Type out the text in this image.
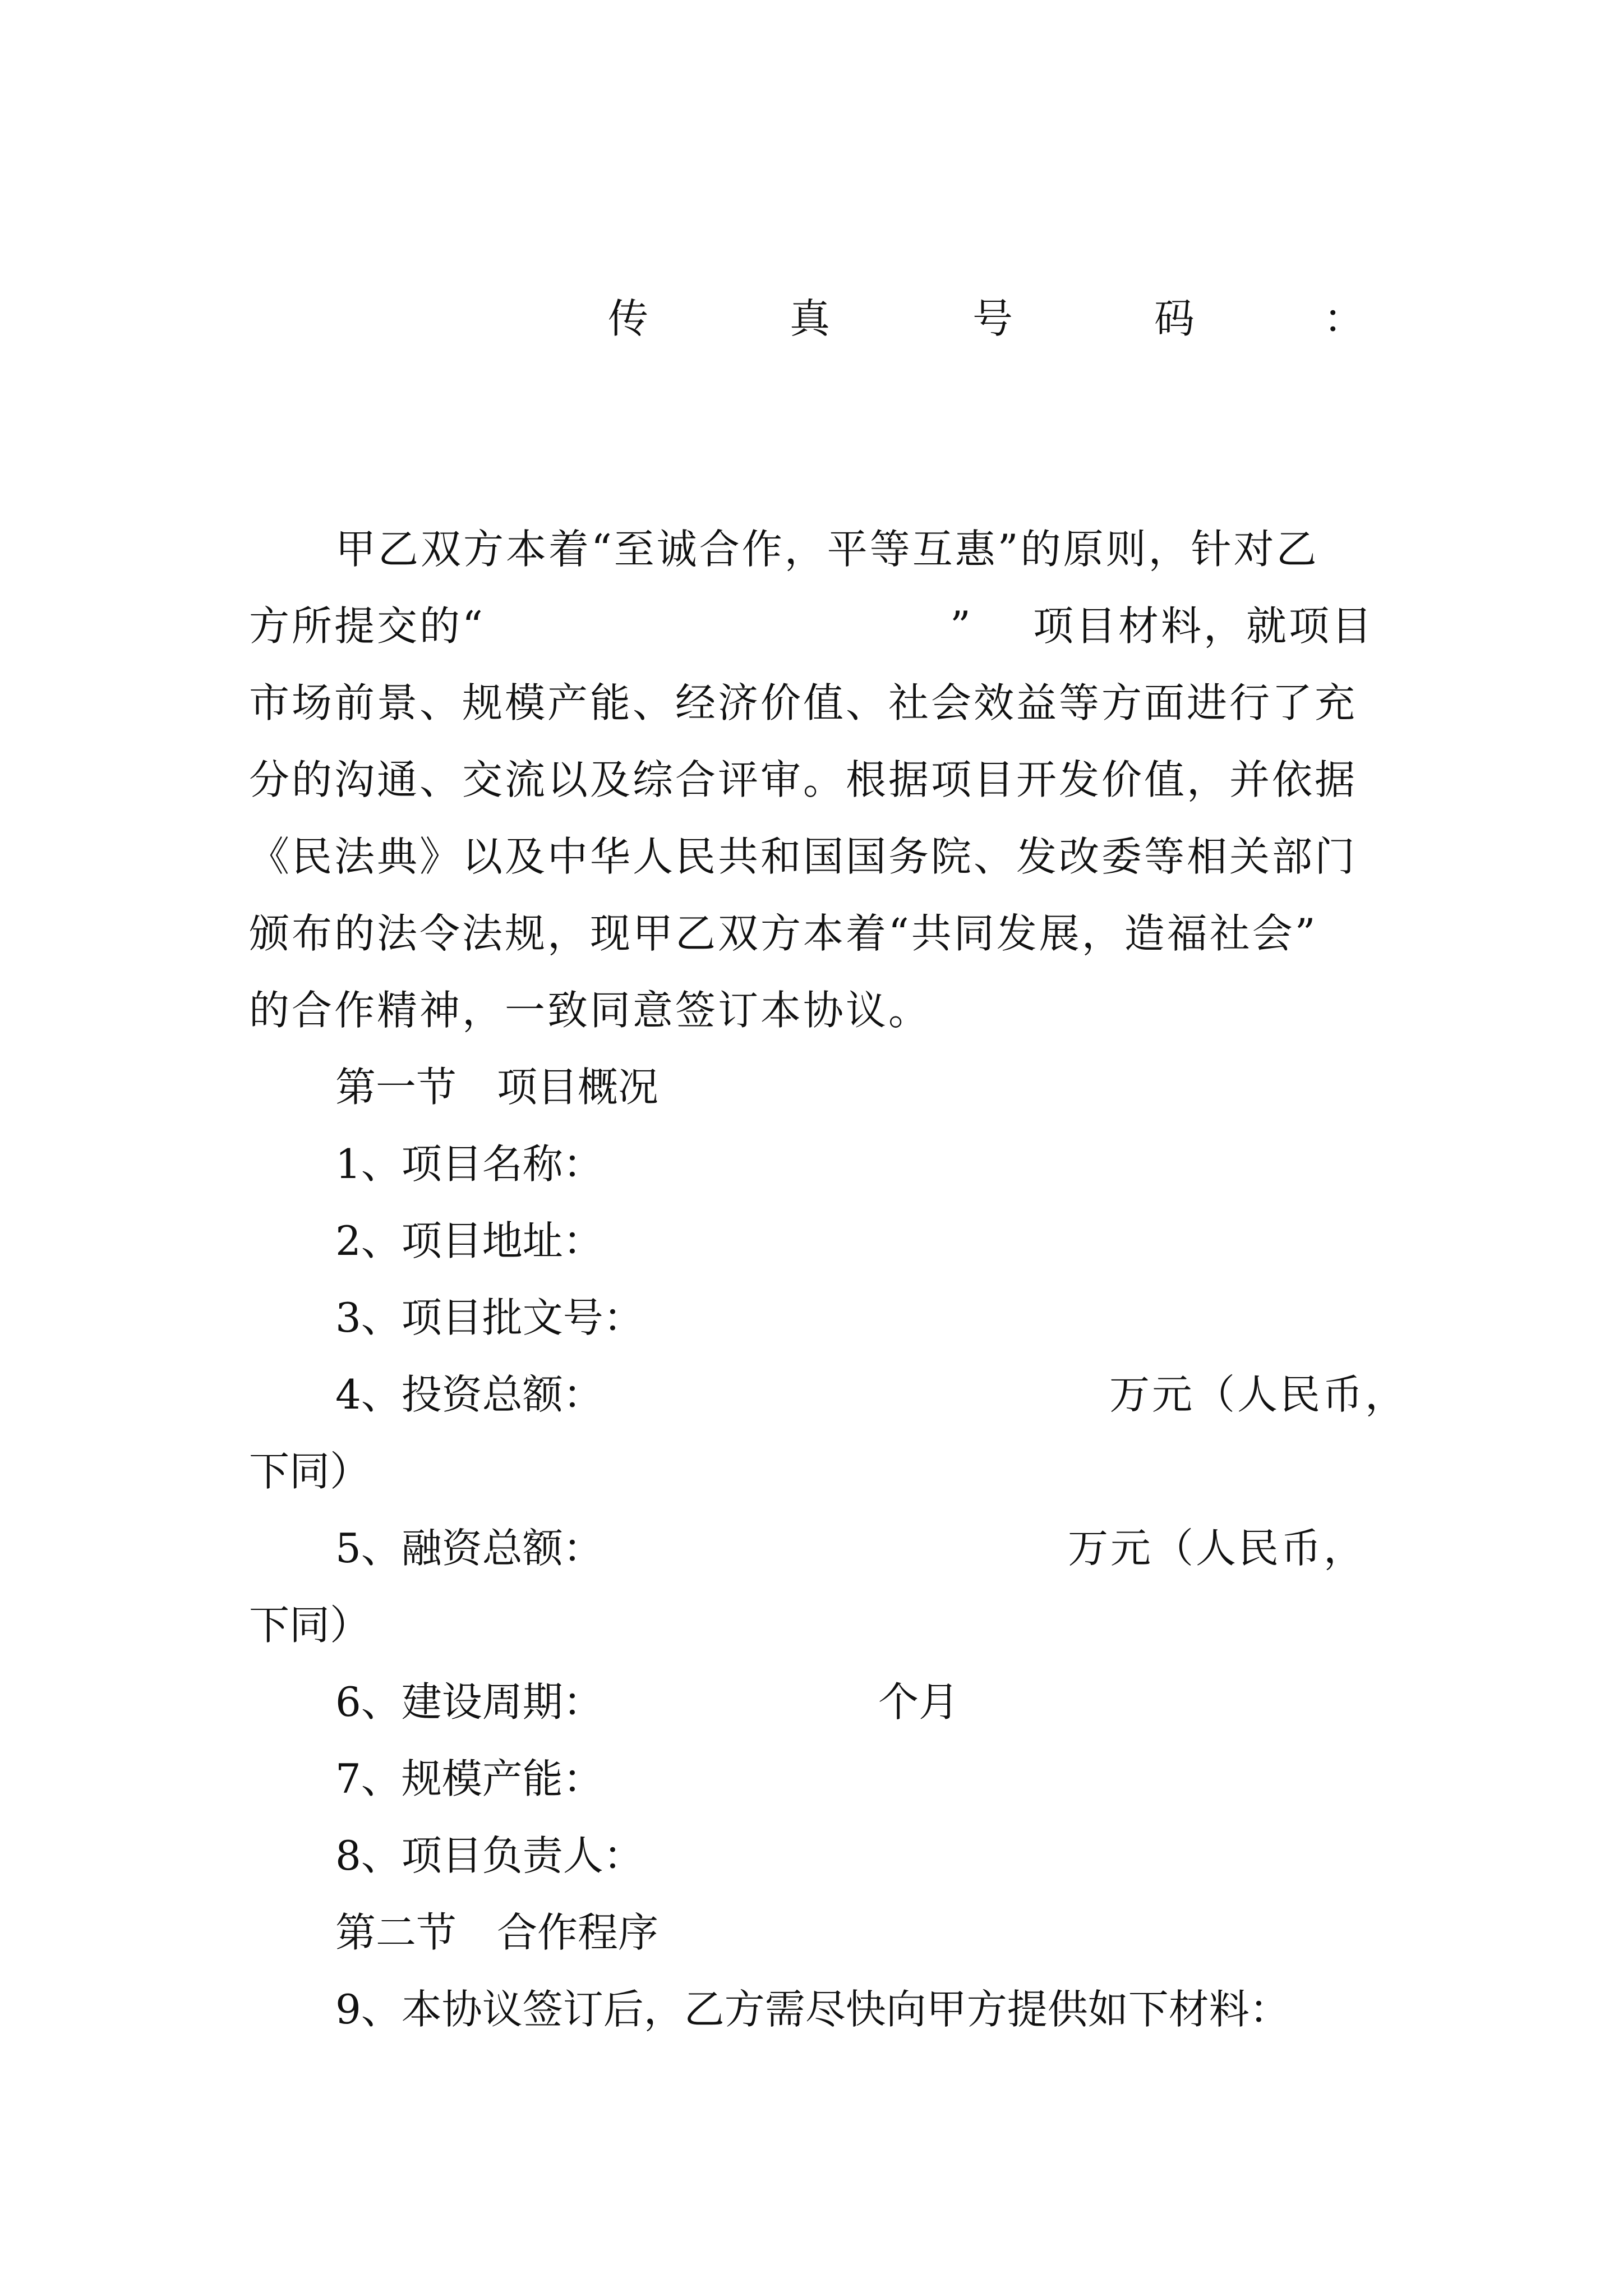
传	真	号	码	：
甲乙双方本着“至诚合作，平等互惠”的原则，针对乙
方所提交的“	” 项目材料，就项目
市场前景、规模产能、经济价值、社会效益等方面进行了充
分的沟通、交流以及综合评审。根据项目开发价值，并依据
《民法典》以及中华人民共和国国务院、发改委等相关部门
颁布的法令法规，现甲乙双方本着“共同发展，造福社会”
的合作精神，一致同意签订本协议。
第一节　项目概况
1、项目名称：
2、项目地址：
3、项目批文号：
4、投资总额：	万元（人民币，
下同）
5、融资总额：	万元（人民币，
下同）
6、建设周期：	个月
7、规模产能：
8、项目负责人：
第二节　合作程序
9、本协议签订后，乙方需尽快向甲方提供如下材料：
